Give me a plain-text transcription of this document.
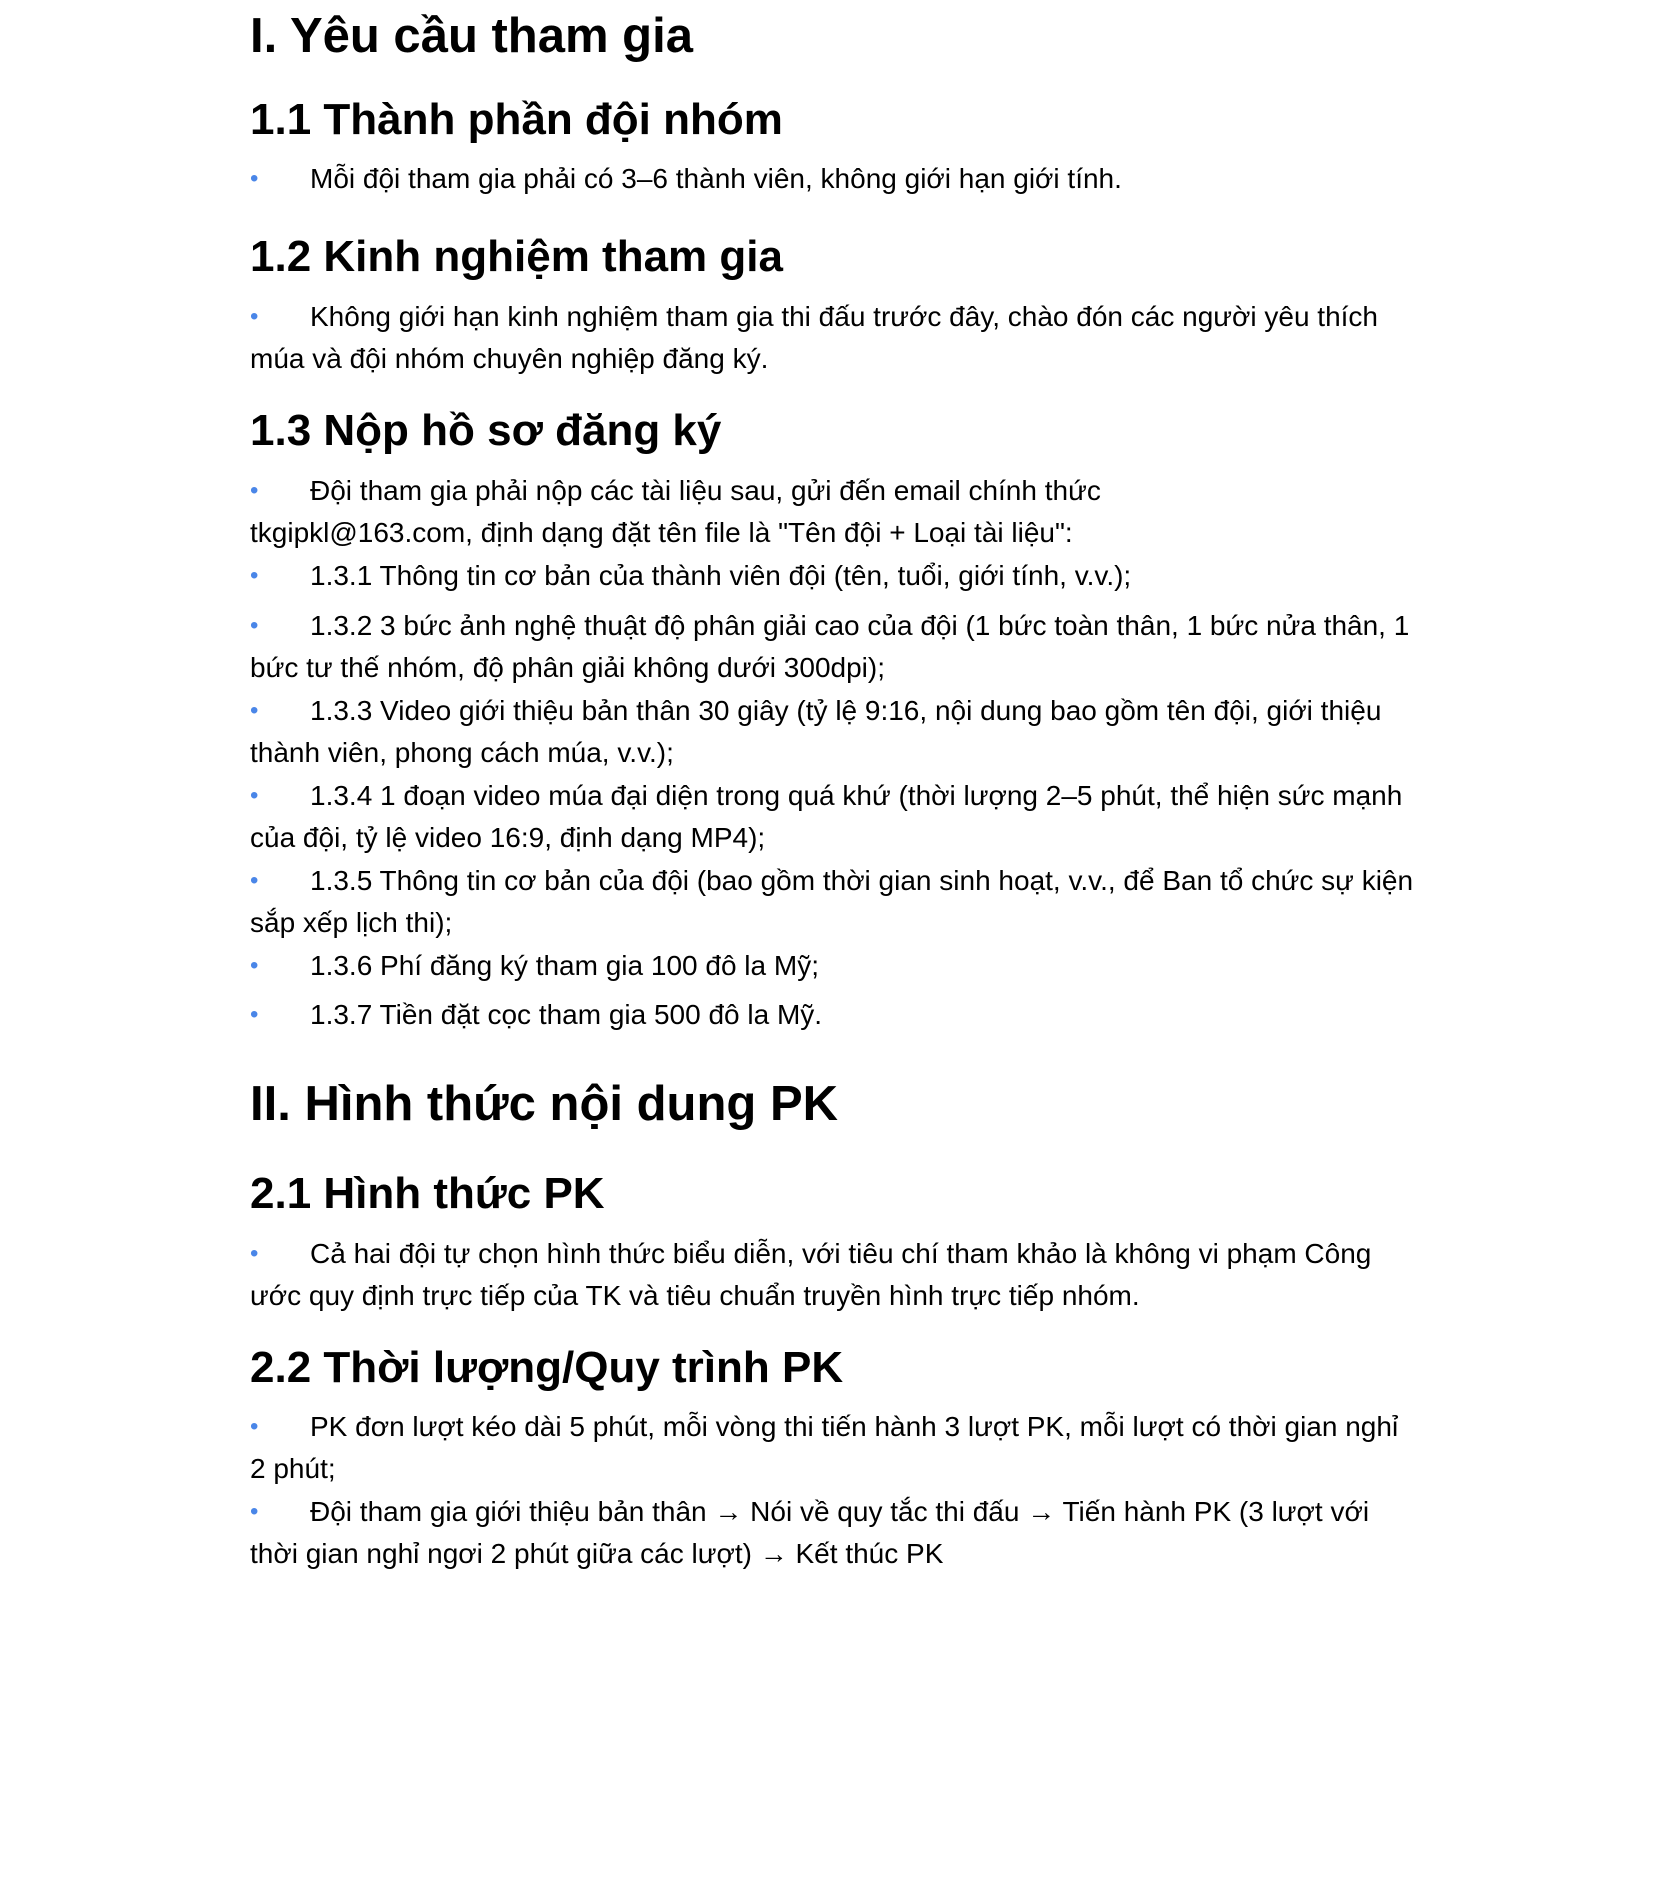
I. Yêu cầu tham gia
1.1 Thành phần đội nhóm

• Mỗi đội tham gia phải có 3–6 thành viên, không giới hạn giới tính.

1.2 Kinh nghiệm tham gia

• Không giới hạn kinh nghiệm tham gia thi đấu trước đây, chào đón các người yêu thích múa và đội nhóm chuyên nghiệp đăng ký.

1.3 Nộp hồ sơ đăng ký

• Đội tham gia phải nộp các tài liệu sau, gửi đến email chính thức tkgipkl@163.com, định dạng đặt tên file là "Tên đội + Loại tài liệu":

• 1.3.1 Thông tin cơ bản của thành viên đội (tên, tuổi, giới tính, v.v.);

• 1.3.2 3 bức ảnh nghệ thuật độ phân giải cao của đội (1 bức toàn thân, 1 bức nửa thân, 1 bức tư thế nhóm, độ phân giải không dưới 300dpi);

• 1.3.3 Video giới thiệu bản thân 30 giây (tỷ lệ 9:16, nội dung bao gồm tên đội, giới thiệu thành viên, phong cách múa, v.v.);

• 1.3.4 1 đoạn video múa đại diện trong quá khứ (thời lượng 2–5 phút, thể hiện sức mạnh của đội, tỷ lệ video 16:9, định dạng MP4);

• 1.3.5 Thông tin cơ bản của đội (bao gồm thời gian sinh hoạt, v.v., để Ban tổ chức sự kiện sắp xếp lịch thi);

• 1.3.6 Phí đăng ký tham gia 100 đô la Mỹ;

• 1.3.7 Tiền đặt cọc tham gia 500 đô la Mỹ.

II. Hình thức nội dung PK
2.1 Hình thức PK

• Cả hai đội tự chọn hình thức biểu diễn, với tiêu chí tham khảo là không vi phạm Công ước quy định trực tiếp của TK và tiêu chuẩn truyền hình trực tiếp nhóm.

2.2 Thời lượng/Quy trình PK

• PK đơn lượt kéo dài 5 phút, mỗi vòng thi tiến hành 3 lượt PK, mỗi lượt có thời gian nghỉ 2 phút;

• Đội tham gia giới thiệu bản thân → Nói về quy tắc thi đấu → Tiến hành PK (3 lượt với thời gian nghỉ ngơi 2 phút giữa các lượt) → Kết thúc PK
